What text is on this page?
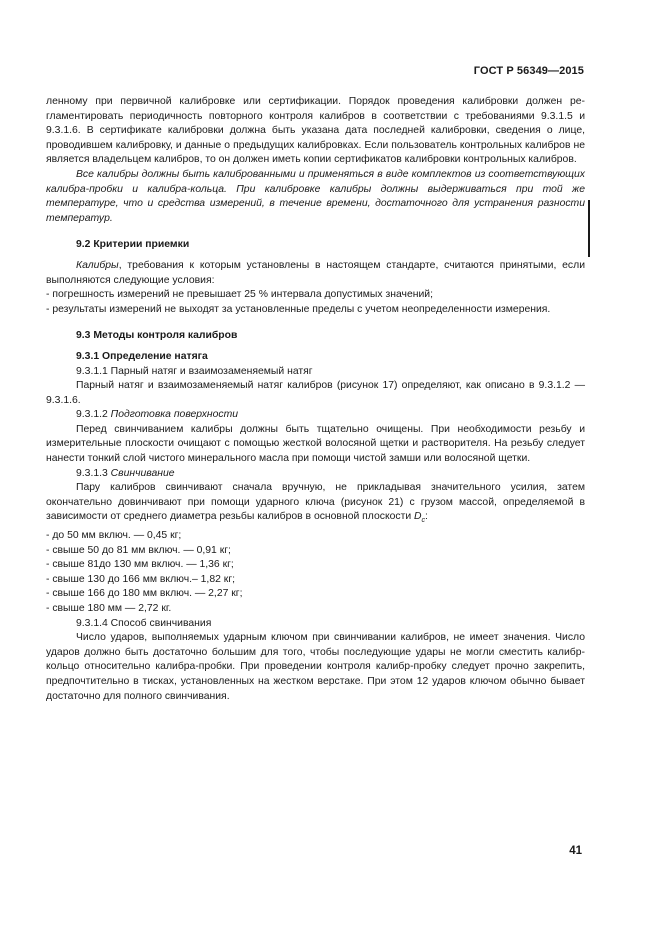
ГОСТ Р 56349—2015

ленному при первичной калибровке или сертификации. Порядок проведения калибровки должен регламентировать периодичность повторного контроля калибров в соответствии с требованиями 9.3.1.5 и 9.3.1.6. В сертификате калибровки должна быть указана дата последней калибровки, сведения о лице, проводившем калибровку, и данные о предыдущих калибровках. Если пользователь контрольных калибров не является владельцем калибров, то он должен иметь копии сертификатов калибровки контрольных калибров.

Все калибры должны быть калиброванными и применяться в виде комплектов из соответствующих калибра-пробки и калибра-кольца. При калибровке калибры должны выдерживаться при той же температуре, что и средства измерений, в течение времени, достаточного для устранения разности температур.

9.2 Критерии приемки

Калибры, требования к которым установлены в настоящем стандарте, считаются принятыми, если выполняются следующие условия:

- погрешность измерений не превышает 25 % интервала допустимых значений;

- результаты измерений не выходят за установленные пределы с учетом неопределенности измерения.

9.3 Методы контроля калибров

9.3.1 Определение натяга

9.3.1.1 Парный натяг и взаимозаменяемый натяг

Парный натяг и взаимозаменяемый натяг калибров (рисунок 17) определяют, как описано в 9.3.1.2 — 9.3.1.6.

9.3.1.2 Подготовка поверхности

Перед свинчиванием калибры должны быть тщательно очищены. При необходимости резьбу и измерительные плоскости очищают с помощью жесткой волосяной щетки и растворителя. На резьбу следует нанести тонкий слой чистого минерального масла при помощи чистой замши или волосяной щетки.

9.3.1.3 Свинчивание

Пару калибров свинчивают сначала вручную, не прикладывая значительного усилия, затем окончательно довинчивают при помощи ударного ключа (рисунок 21) с грузом массой, определяемой в зависимости от среднего диаметра резьбы калибров в основной плоскости $D_c$:

- до 50 мм включ. — 0,45 кг;

- свыше 50 до 81 мм включ. — 0,91 кг;

- свыше 81до 130 мм включ. — 1,36 кг;

- свыше 130 до 166 мм включ.– 1,82 кг;

- свыше 166 до 180 мм включ. — 2,27 кг;

- свыше 180 мм — 2,72 кг.

9.3.1.4 Способ свинчивания

Число ударов, выполняемых ударным ключом при свинчивании калибров, не имеет значения. Число ударов должно быть достаточно большим для того, чтобы последующие удары не могли сместить калибр-кольцо относительно калибра-пробки. При проведении контроля калибр-пробку следует прочно закрепить, предпочтительно в тисках, установленных на жестком верстаке. При этом 12 ударов ключом обычно бывает достаточно для полного свинчивания.

41
